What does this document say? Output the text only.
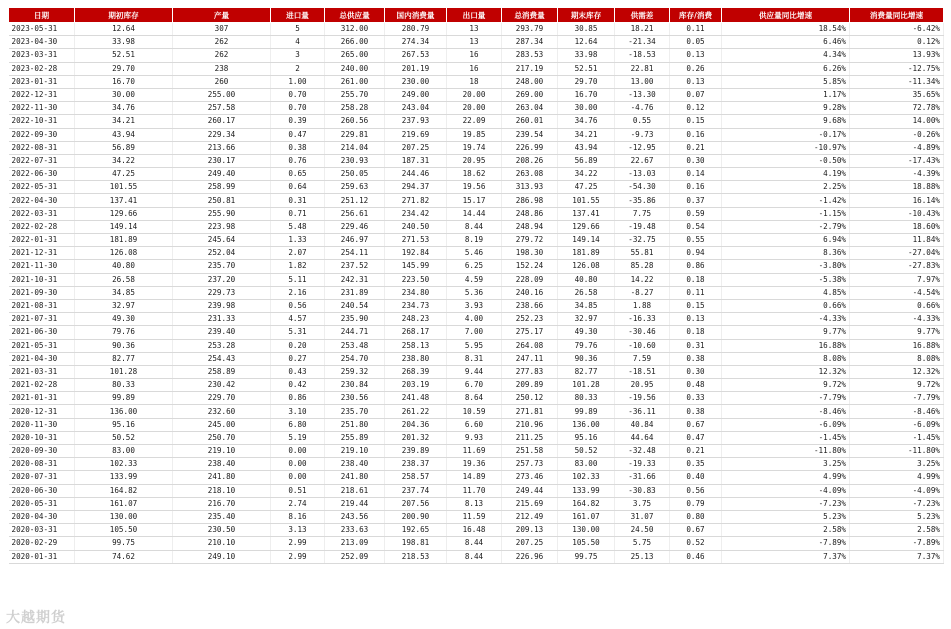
日期	期初库存	产量	进口量	总供应量	国内消费量	出口量	总消费量	期末库存	供需差	库存/消费	供应量同比增速	消费量同比增速
2023-05-31	12.64	307	5	312.00	280.79	13	293.79	30.85	18.21	0.11	18.54%	-6.42%
2023-04-30	33.98	262	4	266.00	274.34	13	287.34	12.64	-21.34	0.05	6.46%	0.12%
2023-03-31	52.51	262	3	265.00	267.53	16	283.53	33.98	-18.53	0.13	4.34%	13.93%
2023-02-28	29.70	238	2	240.00	201.19	16	217.19	52.51	22.81	0.26	6.26%	-12.75%
2023-01-31	16.70	260	1.00	261.00	230.00	18	248.00	29.70	13.00	0.13	5.85%	-11.34%
2022-12-31	30.00	255.00	0.70	255.70	249.00	20.00	269.00	16.70	-13.30	0.07	1.17%	35.65%
2022-11-30	34.76	257.58	0.70	258.28	243.04	20.00	263.04	30.00	-4.76	0.12	9.28%	72.78%
2022-10-31	34.21	260.17	0.39	260.56	237.93	22.09	260.01	34.76	0.55	0.15	9.68%	14.00%
2022-09-30	43.94	229.34	0.47	229.81	219.69	19.85	239.54	34.21	-9.73	0.16	-0.17%	-0.26%
2022-08-31	56.89	213.66	0.38	214.04	207.25	19.74	226.99	43.94	-12.95	0.21	-10.97%	-4.89%
2022-07-31	34.22	230.17	0.76	230.93	187.31	20.95	208.26	56.89	22.67	0.30	-0.50%	-17.43%
2022-06-30	47.25	249.40	0.65	250.05	244.46	18.62	263.08	34.22	-13.03	0.14	4.19%	-4.39%
2022-05-31	101.55	258.99	0.64	259.63	294.37	19.56	313.93	47.25	-54.30	0.16	2.25%	18.88%
2022-04-30	137.41	250.81	0.31	251.12	271.82	15.17	286.98	101.55	-35.86	0.37	-1.42%	16.14%
2022-03-31	129.66	255.90	0.71	256.61	234.42	14.44	248.86	137.41	7.75	0.59	-1.15%	-10.43%
2022-02-28	149.14	223.98	5.48	229.46	240.50	8.44	248.94	129.66	-19.48	0.54	-2.79%	18.60%
2022-01-31	181.89	245.64	1.33	246.97	271.53	8.19	279.72	149.14	-32.75	0.55	6.94%	11.84%
2021-12-31	126.08	252.04	2.07	254.11	192.84	5.46	198.30	181.89	55.81	0.94	8.36%	-27.04%
2021-11-30	40.80	235.70	1.82	237.52	145.99	6.25	152.24	126.08	85.28	0.86	-3.80%	-27.83%
2021-10-31	26.58	237.20	5.11	242.31	223.50	4.59	228.09	40.80	14.22	0.18	-5.38%	7.97%
2021-09-30	34.85	229.73	2.16	231.89	234.80	5.36	240.16	26.58	-8.27	0.11	4.85%	-4.54%
2021-08-31	32.97	239.98	0.56	240.54	234.73	3.93	238.66	34.85	1.88	0.15	0.66%	0.66%
2021-07-31	49.30	231.33	4.57	235.90	248.23	4.00	252.23	32.97	-16.33	0.13	-4.33%	-4.33%
2021-06-30	79.76	239.40	5.31	244.71	268.17	7.00	275.17	49.30	-30.46	0.18	9.77%	9.77%
2021-05-31	90.36	253.28	0.20	253.48	258.13	5.95	264.08	79.76	-10.60	0.31	16.88%	16.88%
2021-04-30	82.77	254.43	0.27	254.70	238.80	8.31	247.11	90.36	7.59	0.38	8.08%	8.08%
2021-03-31	101.28	258.89	0.43	259.32	268.39	9.44	277.83	82.77	-18.51	0.30	12.32%	12.32%
2021-02-28	80.33	230.42	0.42	230.84	203.19	6.70	209.89	101.28	20.95	0.48	9.72%	9.72%
2021-01-31	99.89	229.70	0.86	230.56	241.48	8.64	250.12	80.33	-19.56	0.33	-7.79%	-7.79%
2020-12-31	136.00	232.60	3.10	235.70	261.22	10.59	271.81	99.89	-36.11	0.38	-8.46%	-8.46%
2020-11-30	95.16	245.00	6.80	251.80	204.36	6.60	210.96	136.00	40.84	0.67	-6.09%	-6.09%
2020-10-31	50.52	250.70	5.19	255.89	201.32	9.93	211.25	95.16	44.64	0.47	-1.45%	-1.45%
2020-09-30	83.00	219.10	0.00	219.10	239.89	11.69	251.58	50.52	-32.48	0.21	-11.80%	-11.80%
2020-08-31	102.33	238.40	0.00	238.40	238.37	19.36	257.73	83.00	-19.33	0.35	3.25%	3.25%
2020-07-31	133.99	241.80	0.00	241.80	258.57	14.89	273.46	102.33	-31.66	0.40	4.99%	4.99%
2020-06-30	164.82	218.10	0.51	218.61	237.74	11.70	249.44	133.99	-30.83	0.56	-4.09%	-4.09%
2020-05-31	161.07	216.70	2.74	219.44	207.56	8.13	215.69	164.82	3.75	0.79	-7.23%	-7.23%
2020-04-30	130.00	235.40	8.16	243.56	200.90	11.59	212.49	161.07	31.07	0.80	5.23%	5.23%
2020-03-31	105.50	230.50	3.13	233.63	192.65	16.48	209.13	130.00	24.50	0.67	2.58%	2.58%
2020-02-29	99.75	210.10	2.99	213.09	198.81	8.44	207.25	105.50	5.75	0.52	-7.89%	-7.89%
2020-01-31	74.62	249.10	2.99	252.09	218.53	8.44	226.96	99.75	25.13	0.46	7.37%	7.37%
大越期货
